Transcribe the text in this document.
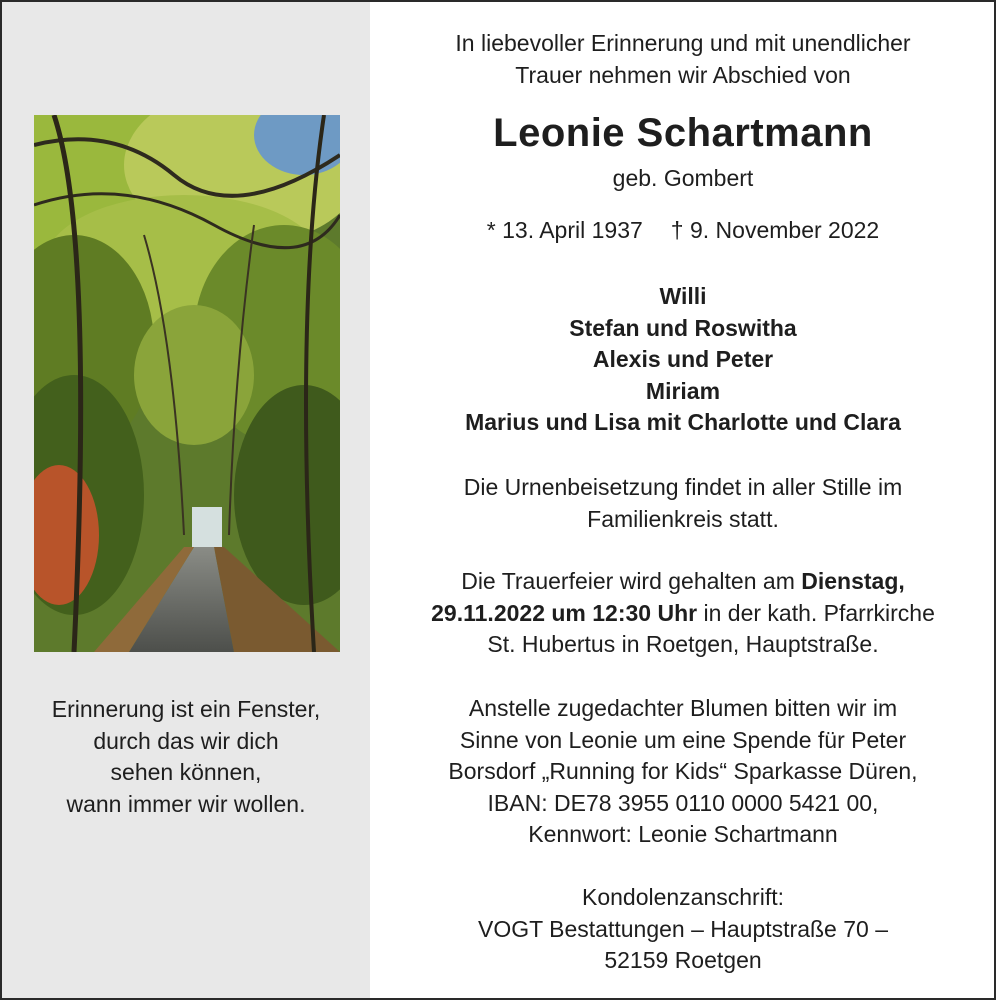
Erinnerung ist ein Fenster,
durch das wir dich
sehen können,
wann immer wir wollen.
In liebevoller Erinnerung und mit unendlicher
Trauer nehmen wir Abschied von
Leonie Schartmann
geb. Gombert
* 13. April 1937 † 9. November 2022
Willi
Stefan und Roswitha
Alexis und Peter
Miriam
Marius und Lisa mit Charlotte und Clara
Die Urnenbeisetzung findet in aller Stille im
Familienkreis statt.
Die Trauerfeier wird gehalten am Dienstag,
29.11.2022 um 12:30 Uhr in der kath. Pfarrkirche
St. Hubertus in Roetgen, Hauptstraße.
Anstelle zugedachter Blumen bitten wir im
Sinne von Leonie um eine Spende für Peter
Borsdorf „Running for Kids“ Sparkasse Düren,
IBAN: DE78 3955 0110 0000 5421 00,
Kennwort: Leonie Schartmann
Kondolenzanschrift:
VOGT Bestattungen – Hauptstraße 70 –
52159 Roetgen
